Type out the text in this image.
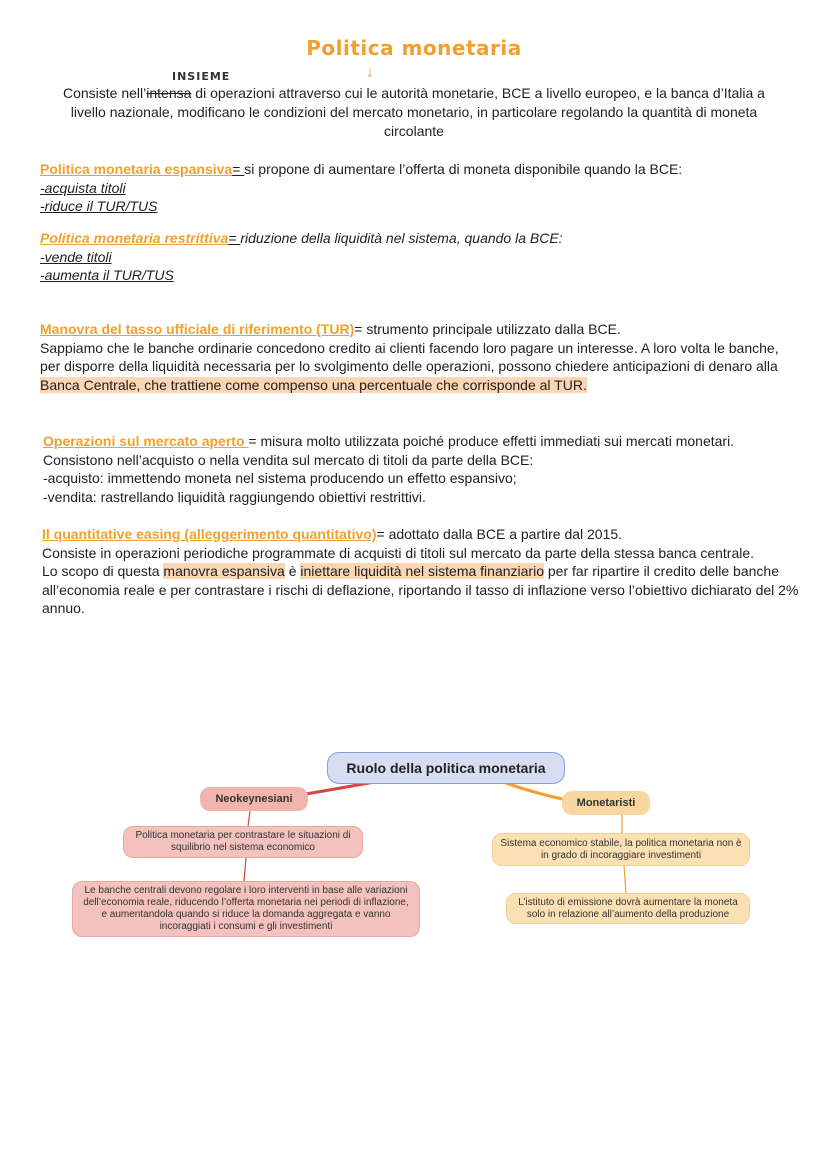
Politica monetaria
↓
INSIEME
Consiste nell’intensa di operazioni attraverso cui le autorità monetarie, BCE a livello europeo, e la banca d’Italia a livello nazionale, modificano le condizioni del mercato monetario, in particolare regolando la quantità di moneta circolante
Politica monetaria espansiva= si propone di aumentare l’offerta di moneta disponibile quando la BCE:
-acquista titoli
-riduce il TUR/TUS
Politica monetaria restrittiva= riduzione della liquidità nel sistema, quando la BCE:
-vende titoli
-aumenta il TUR/TUS
Manovra del tasso ufficiale di riferimento (TUR)= strumento principale utilizzato dalla BCE.
Sappiamo che le banche ordinarie concedono credito ai clienti facendo loro pagare un interesse. A loro volta le banche, per disporre della liquidità necessaria per lo svolgimento delle operazioni, possono chiedere anticipazioni di denaro alla Banca Centrale, che trattiene come compenso una percentuale che corrisponde al TUR.
Operazioni sul mercato aperto = misura molto utilizzata poiché produce effetti immediati sui mercati monetari.
Consistono nell’acquisto o nella vendita sul mercato di titoli da parte della BCE:
-acquisto: immettendo moneta nel sistema producendo un effetto espansivo;
-vendita: rastrellando liquidità raggiungendo obiettivi restrittivi.
Il quantitative easing (alleggerimento quantitativo)= adottato dalla BCE a partire dal 2015.
Consiste in operazioni periodiche programmate di acquisti di titoli sul mercato da parte della stessa banca centrale.
Lo scopo di questa manovra espansiva è iniettare liquidità nel sistema finanziario per far ripartire il credito delle banche all’economia reale e per contrastare i rischi di deflazione, riportando il tasso di inflazione verso l’obiettivo dichiarato del 2% annuo.
Ruolo della politica monetaria
Neokeynesiani	Monetaristi
Politica monetaria per contrastare le situazioni di squilibrio nel sistema economico
Le banche centrali devono regolare i loro interventi in base alle variazioni dell’economia reale, riducendo l’offerta monetaria nei periodi di inflazione, e aumentandola quando si riduce la domanda aggregata e vanno incoraggiati i consumi e gli investimenti
Sistema economico stabile, la politica monetaria non è in grado di incoraggiare investimenti
L’istituto di emissione dovrà aumentare la moneta solo in relazione all’aumento della produzione
